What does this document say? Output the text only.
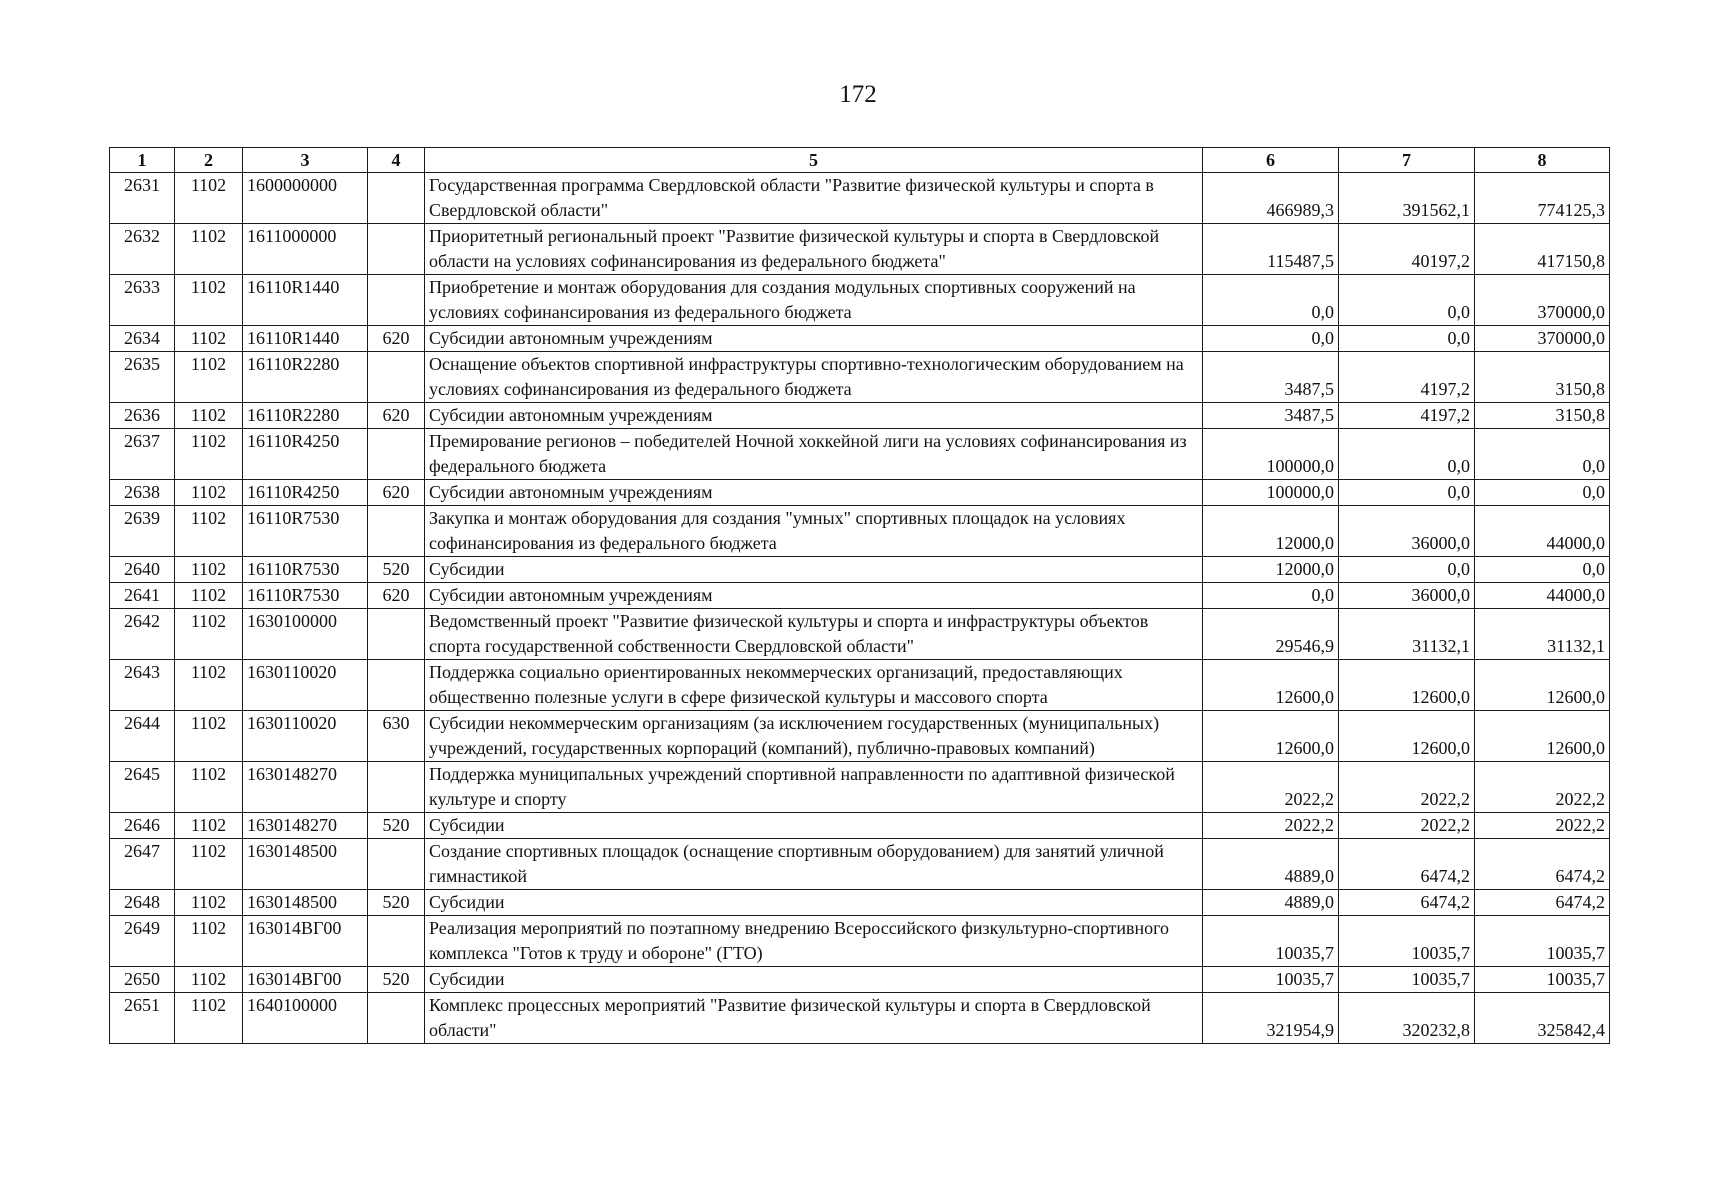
172
1	2	3	4	5	6	7	8
2631	1102	1600000000		Государственная программа Свердловской области "Развитие физической культуры и спорта в Свердловской области"	466989,3	391562,1	774125,3
2632	1102	1611000000		Приоритетный региональный проект "Развитие физической культуры и спорта в Свердловской области на условиях софинансирования из федерального бюджета"	115487,5	40197,2	417150,8
2633	1102	16110R1440		Приобретение и монтаж оборудования для создания модульных спортивных сооружений на условиях софинансирования из федерального бюджета	0,0	0,0	370000,0
2634	1102	16110R1440	620	Субсидии автономным учреждениям	0,0	0,0	370000,0
2635	1102	16110R2280		Оснащение объектов спортивной инфраструктуры спортивно-технологическим оборудованием на условиях софинансирования из федерального бюджета	3487,5	4197,2	3150,8
2636	1102	16110R2280	620	Субсидии автономным учреждениям	3487,5	4197,2	3150,8
2637	1102	16110R4250		Премирование регионов – победителей Ночной хоккейной лиги на условиях софинансирования из федерального бюджета	100000,0	0,0	0,0
2638	1102	16110R4250	620	Субсидии автономным учреждениям	100000,0	0,0	0,0
2639	1102	16110R7530		Закупка и монтаж оборудования для создания "умных" спортивных площадок на условиях софинансирования из федерального бюджета	12000,0	36000,0	44000,0
2640	1102	16110R7530	520	Субсидии	12000,0	0,0	0,0
2641	1102	16110R7530	620	Субсидии автономным учреждениям	0,0	36000,0	44000,0
2642	1102	1630100000		Ведомственный проект "Развитие физической культуры и спорта и инфраструктуры объектов спорта государственной собственности Свердловской области"	29546,9	31132,1	31132,1
2643	1102	1630110020		Поддержка социально ориентированных некоммерческих организаций, предоставляющих общественно полезные услуги в сфере физической культуры и массового спорта	12600,0	12600,0	12600,0
2644	1102	1630110020	630	Субсидии некоммерческим организациям (за исключением государственных (муниципальных) учреждений, государственных корпораций (компаний), публично-правовых компаний)	12600,0	12600,0	12600,0
2645	1102	1630148270		Поддержка муниципальных учреждений спортивной направленности по адаптивной физической культуре и спорту	2022,2	2022,2	2022,2
2646	1102	1630148270	520	Субсидии	2022,2	2022,2	2022,2
2647	1102	1630148500		Создание спортивных площадок (оснащение спортивным оборудованием) для занятий уличной гимнастикой	4889,0	6474,2	6474,2
2648	1102	1630148500	520	Субсидии	4889,0	6474,2	6474,2
2649	1102	163014ВГ00		Реализация мероприятий по поэтапному внедрению Всероссийского физкультурно-спортивного комплекса "Готов к труду и обороне" (ГТО)	10035,7	10035,7	10035,7
2650	1102	163014ВГ00	520	Субсидии	10035,7	10035,7	10035,7
2651	1102	1640100000		Комплекс процессных мероприятий "Развитие физической культуры и спорта в Свердловской области"	321954,9	320232,8	325842,4
